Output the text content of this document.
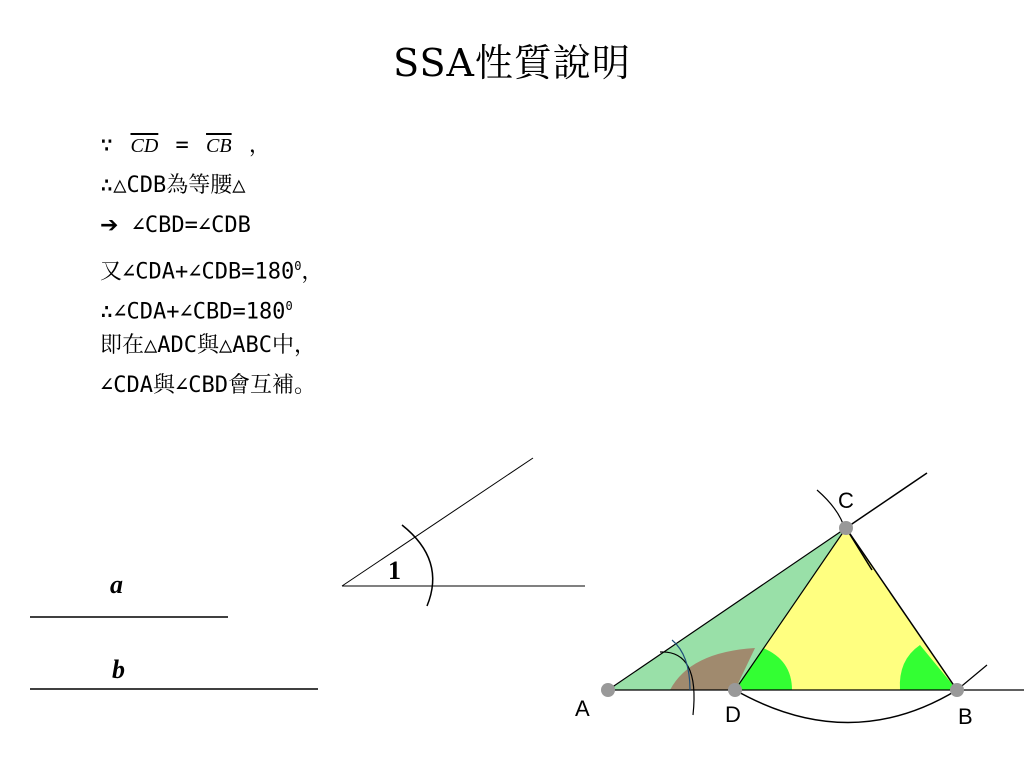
SSA性質說明
∵ $\overline{CD} = \overline{CB}$ ，
∴△CDB為等腰△
➔ ∠CBD=∠CDB
又$\angle CDA+\angle CDB=180^0$，
$\therefore\angle CDA+\angle CBD=180^0$
即在△ADC與△ABC中，
∠CDA與∠CBD會互補。
a
b
1
A	D	B
C
